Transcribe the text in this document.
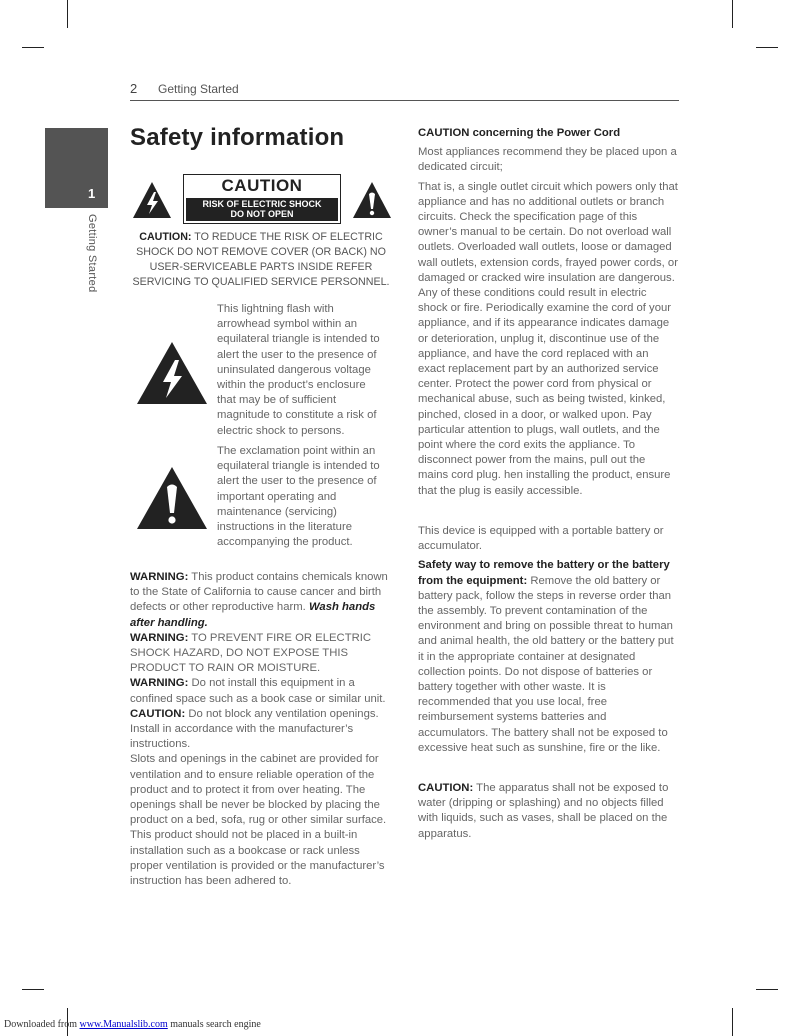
2 Getting Started
1
Getting Started
Safety information
CAUTION
RISK OF ELECTRIC SHOCK
DO NOT OPEN
CAUTION: TO REDUCE THE RISK OF ELECTRIC SHOCK DO NOT REMOVE COVER (OR BACK) NO USER-SERVICEABLE PARTS INSIDE REFER SERVICING TO QUALIFIED SERVICE PERSONNEL.

This lightning flash with arrowhead symbol within an equilateral triangle is intended to alert the user to the presence of uninsulated dangerous voltage within the product’s enclosure that may be of sufficient magnitude to constitute a risk of electric shock to persons.

The exclamation point within an equilateral triangle is intended to alert the user to the presence of important operating and maintenance (servicing) instructions in the literature accompanying the product.

WARNING: This product contains chemicals known to the State of California to cause cancer and birth defects or other reproductive harm. Wash hands after handling.

WARNING: TO PREVENT FIRE OR ELECTRIC SHOCK HAZARD, DO NOT EXPOSE THIS PRODUCT TO RAIN OR MOISTURE.

WARNING: Do not install this equipment in a confined space such as a book case or similar unit.

CAUTION: Do not block any ventilation openings. Install in accordance with the manufacturer’s instructions.

Slots and openings in the cabinet are provided for ventilation and to ensure reliable operation of the product and to protect it from over heating. The openings shall be never be blocked by placing the product on a bed, sofa, rug or other similar surface. This product should not be placed in a built-in installation such as a bookcase or rack unless proper ventilation is provided or the manufacturer’s instruction has been adhered to.

CAUTION concerning the Power Cord

Most appliances recommend they be placed upon a dedicated circuit;

That is, a single outlet circuit which powers only that appliance and has no additional outlets or branch circuits. Check the specification page of this owner’s manual to be certain. Do not overload wall outlets. Overloaded wall outlets, loose or damaged wall outlets, extension cords, frayed power cords, or damaged or cracked wire insulation are dangerous. Any of these conditions could result in electric shock or fire. Periodically examine the cord of your appliance, and if its appearance indicates damage or deterioration, unplug it, discontinue use of the appliance, and have the cord replaced with an exact replacement part by an authorized service center. Protect the power cord from physical or mechanical abuse, such as being twisted, kinked, pinched, closed in a door, or walked upon. Pay particular attention to plugs, wall outlets, and the point where the cord exits the appliance. To disconnect power from the mains, pull out the mains cord plug. hen installing the product, ensure that the plug is easily accessible.

This device is equipped with a portable battery or accumulator.

Safety way to remove the battery or the battery from the equipment: Remove the old battery or battery pack, follow the steps in reverse order than the assembly. To prevent contamination of the environment and bring on possible threat to human and animal health, the old battery or the battery put it in the appropriate container at designated collection points. Do not dispose of batteries or battery together with other waste. It is recommended that you use local, free reimbursement systems batteries and accumulators. The battery shall not be exposed to excessive heat such as sunshine, fire or the like.

CAUTION: The apparatus shall not be exposed to water (dripping or splashing) and no objects filled with liquids, such as vases, shall be placed on the apparatus.

Downloaded from www.Manualslib.com manuals search engine
